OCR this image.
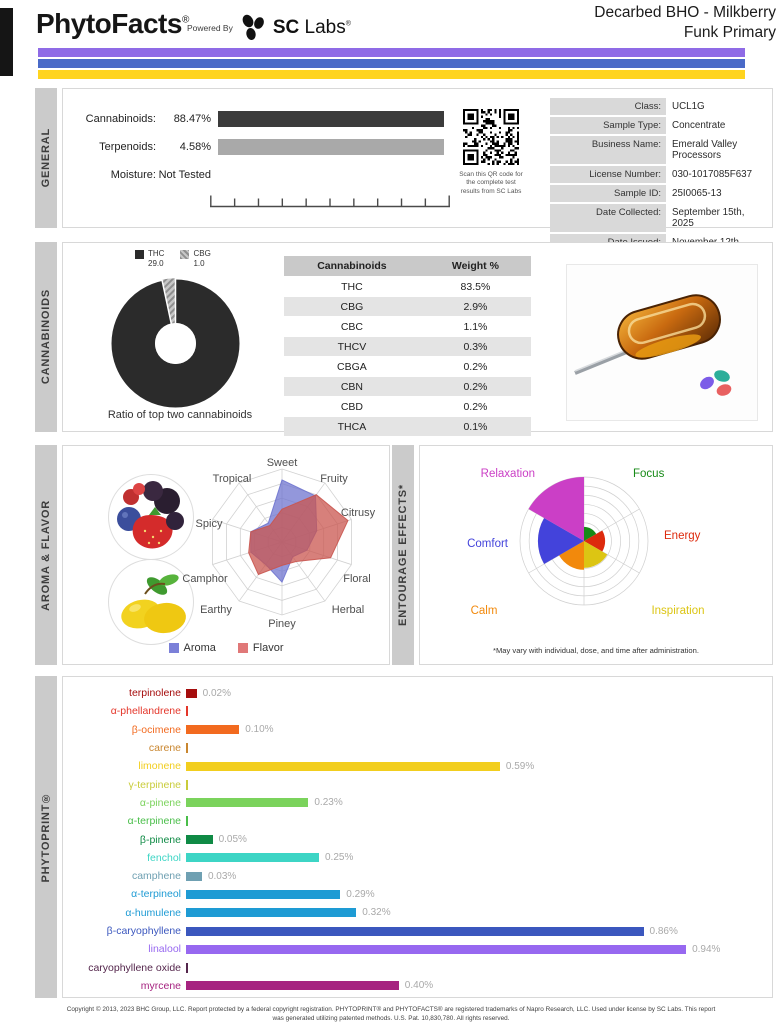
PhytoFacts®
Powered By SC Labs®
Decarbed BHO - Milkberry
Funk Primary
GENERAL
Cannabinoids:	88.47%
Terpenoids:	4.58%
Moisture: Not Tested	Scan this QR code for the complete test results from SC Labs
Class:	UCL1G
Sample Type:	Concentrate
Business Name:	Emerald Valley Processors
License Number:	030-1017085F637
Sample ID:	25I0065-13
Date Collected:	September 15th, 2025
CANNABINOIDS
THC
29.0
CBG
1.0
Ratio of top two cannabinoids
Cannabinoids	Weight %
THC	83.5%
CBG	2.9%
CBC	1.1%
THCV	0.3%
CBGA	0.2%
CBN	0.2%
CBD	0.2%
THCA	0.1%
AROMA & FLAVOR
Sweet
Fruity
Citrusy
Floral
Herbal
Piney
Earthy
Camphor
Spicy
Tropical
Aroma	Flavor
ENTOURAGE EFFECTS*
Focus
Energy
Inspiration
Calm
Comfort
Relaxation
*May vary with individual, dose, and time after administration.
PHYTOPRINT®
terpinolene 0.02%
α-phellandrene
β-ocimene	0.10%
carene
limonene	0.59%
γ-terpinene
α-pinene	0.23%
α-terpinene
β-pinene	0.05%
fenchol	0.25%
camphene	0.03%
α-terpineol	0.29%
α-humulene	0.32%
β-caryophyllene	0.86%
linalool	0.94%
caryophyllene oxide
myrcene	0.40%
Copyright © 2013, 2023 BHC Group, LLC. Report protected by a federal copyright registration. PHYTOPRINT® and PHYTOFACTS® are registered trademarks of Napro Research, LLC. Used under license by SC Labs. This report
was generated utilizing patented methods. U.S. Pat. 10,830,780. All rights reserved.
